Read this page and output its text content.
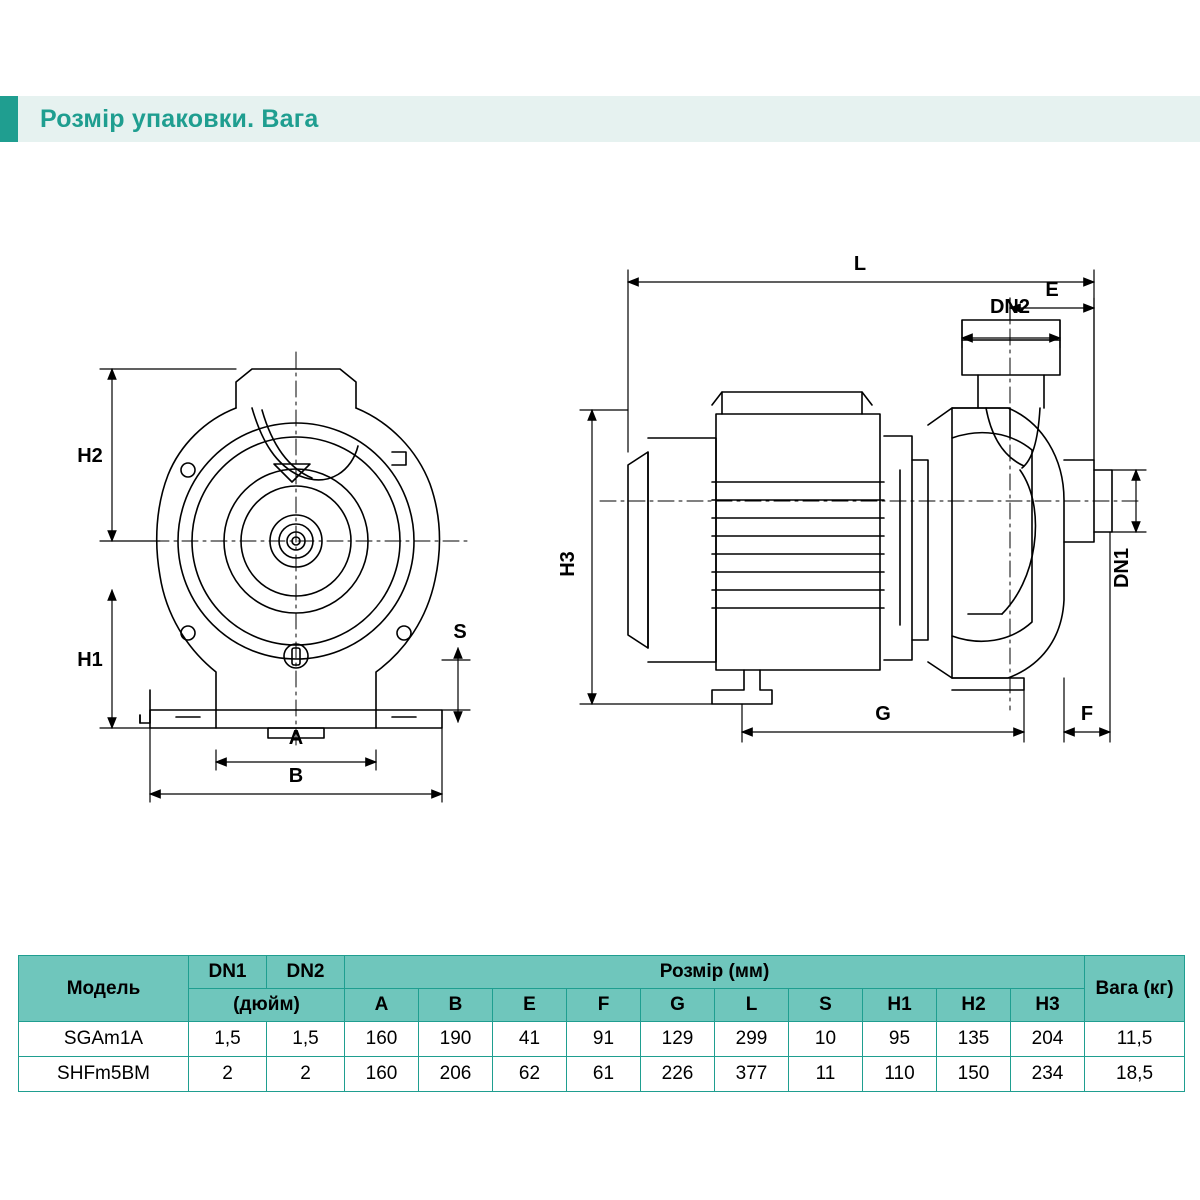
Розмір упаковки. Вага
H2
H1
S
A
B
L
E
DN2
H3
G	F
DN1
Модель	DN1	DN2	Розмір (мм)										Вага (кг)
	(дюйм)		A	B	E	F	G	L	S	H1	H2	H3	
SGAm1A	1,5	1,5	160	190	41	91	129	299	10	95	135	204	11,5
SHFm5BM	2	2	160	206	62	61	226	377	11	110	150	234	18,5
